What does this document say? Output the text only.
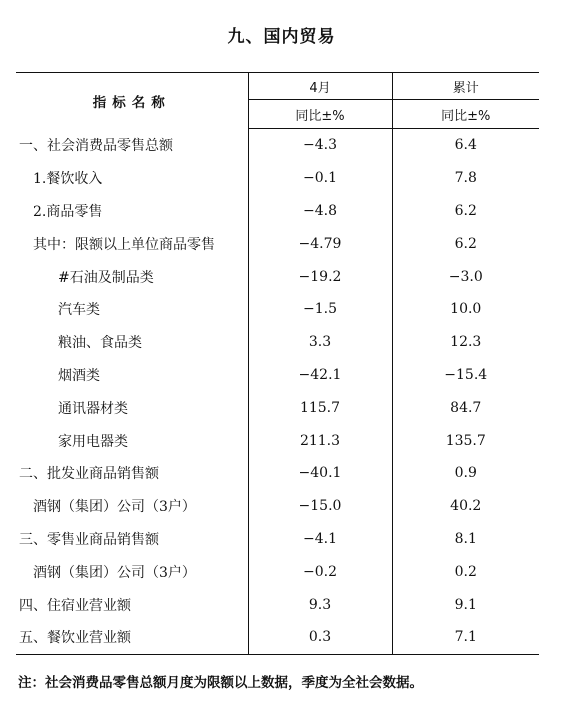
九、国内贸易
指标名称	4月	累计
	同比±%	同比±%
一、社会消费品零售总额	−4.3	6.4
1.餐饮收入	−0.1	7.8
2.商品零售	−4.8	6.2
其中：限额以上单位商品零售	−4.79	6.2
#石油及制品类	−19.2	−3.0
汽车类	−1.5	10.0
粮油、食品类	3.3	12.3
烟酒类	−42.1	−15.4
通讯器材类	115.7	84.7
家用电器类	211.3	135.7
二、批发业商品销售额	−40.1	0.9
酒钢（集团）公司（3户）	−15.0	40.2
三、零售业商品销售额	−4.1	8.1
酒钢（集团）公司（3户）	−0.2	0.2
四、住宿业营业额	9.3	9.1
五、餐饮业营业额	0.3	7.1
注：社会消费品零售总额月度为限额以上数据，季度为全社会数据。
